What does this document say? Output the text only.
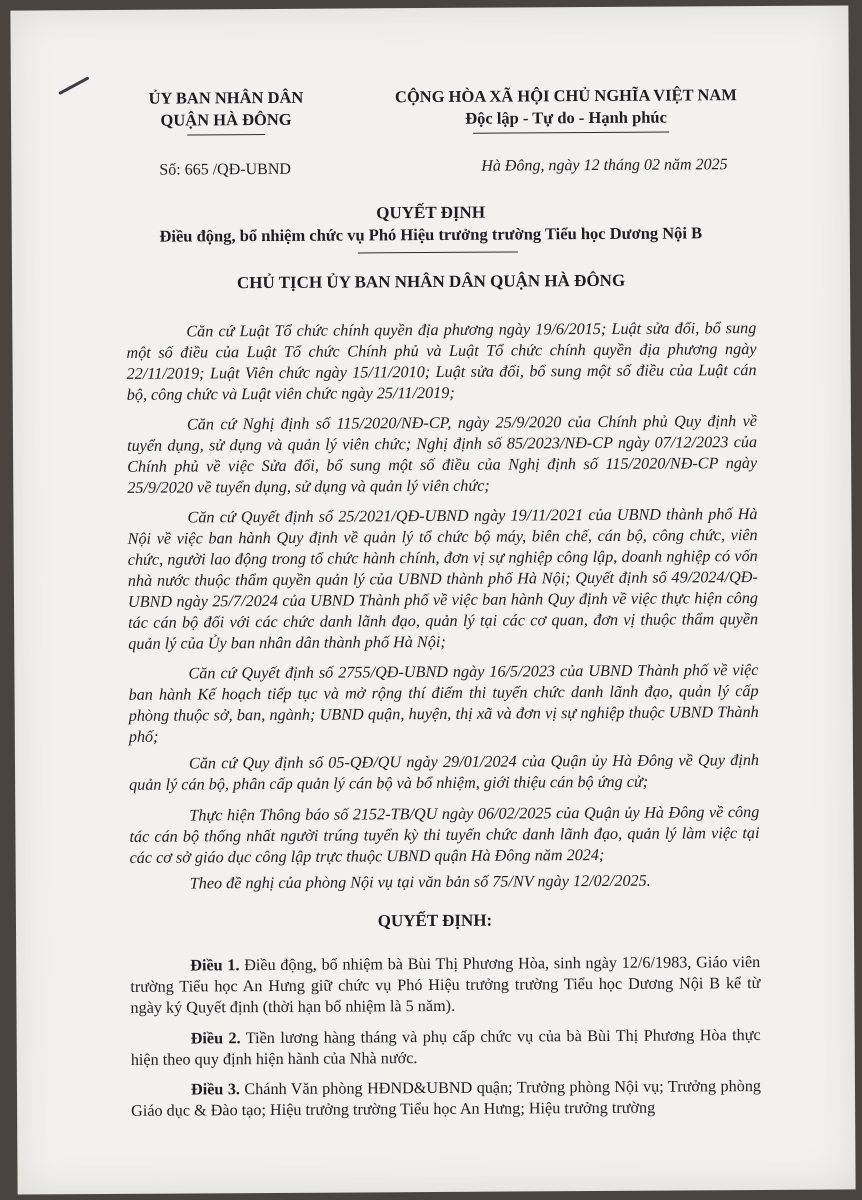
ỦY BAN NHÂN DÂN
QUẬN HÀ ĐÔNG
CỘNG HÒA XÃ HỘI CHỦ NGHĨA VIỆT NAM
Độc lập - Tự do - Hạnh phúc
Số: 665 /QĐ-UBND	Hà Đông, ngày 12 tháng 02 năm 2025
QUYẾT ĐỊNH
Điều động, bổ nhiệm chức vụ Phó Hiệu trưởng trường Tiểu học Dương Nội B
CHỦ TỊCH ỦY BAN NHÂN DÂN QUẬN HÀ ĐÔNG

Căn cứ Luật Tổ chức chính quyền địa phương ngày 19/6/2015; Luật sửa đổi, bổ sung một số điều của Luật Tổ chức Chính phủ và Luật Tổ chức chính quyền địa phương ngày 22/11/2019; Luật Viên chức ngày 15/11/2010; Luật sửa đổi, bổ sung một số điều của Luật cán bộ, công chức và Luật viên chức ngày 25/11/2019;

Căn cứ Nghị định số 115/2020/NĐ-CP, ngày 25/9/2020 của Chính phủ Quy định về tuyển dụng, sử dụng và quản lý viên chức; Nghị định số 85/2023/NĐ-CP ngày 07/12/2023 của Chính phủ về việc Sửa đổi, bổ sung một số điều của Nghị định số 115/2020/NĐ-CP ngày 25/9/2020 về tuyển dụng, sử dụng và quản lý viên chức;

Căn cứ Quyết định số 25/2021/QĐ-UBND ngày 19/11/2021 của UBND thành phố Hà Nội về việc ban hành Quy định về quản lý tổ chức bộ máy, biên chế, cán bộ, công chức, viên chức, người lao động trong tổ chức hành chính, đơn vị sự nghiệp công lập, doanh nghiệp có vốn nhà nước thuộc thẩm quyền quản lý của UBND thành phố Hà Nội; Quyết định số 49/2024/QĐ-UBND ngày 25/7/2024 của UBND Thành phố về việc ban hành Quy định về việc thực hiện công tác cán bộ đối với các chức danh lãnh đạo, quản lý tại các cơ quan, đơn vị thuộc thẩm quyền quản lý của Ủy ban nhân dân thành phố Hà Nội;

Căn cứ Quyết định số 2755/QĐ-UBND ngày 16/5/2023 của UBND Thành phố về việc ban hành Kế hoạch tiếp tục và mở rộng thí điểm thi tuyển chức danh lãnh đạo, quản lý cấp phòng thuộc sở, ban, ngành; UBND quận, huyện, thị xã và đơn vị sự nghiệp thuộc UBND Thành phố;

Căn cứ Quy định số 05-QĐ/QU ngày 29/01/2024 của Quận ủy Hà Đông về Quy định quản lý cán bộ, phân cấp quản lý cán bộ và bổ nhiệm, giới thiệu cán bộ ứng cử;

Thực hiện Thông báo số 2152-TB/QU ngày 06/02/2025 của Quận ủy Hà Đông về công tác cán bộ thống nhất người trúng tuyển kỳ thi tuyển chức danh lãnh đạo, quản lý làm việc tại các cơ sở giáo dục công lập trực thuộc UBND quận Hà Đông năm 2024;

Theo đề nghị của phòng Nội vụ tại văn bản số 75/NV ngày 12/02/2025.

QUYẾT ĐỊNH:

Điều 1. Điều động, bổ nhiệm bà Bùi Thị Phương Hòa, sinh ngày 12/6/1983, Giáo viên trường Tiểu học An Hưng giữ chức vụ Phó Hiệu trưởng trường Tiểu học Dương Nội B kể từ ngày ký Quyết định (thời hạn bổ nhiệm là 5 năm).

Điều 2. Tiền lương hàng tháng và phụ cấp chức vụ của bà Bùi Thị Phương Hòa thực hiện theo quy định hiện hành của Nhà nước.

Điều 3. Chánh Văn phòng HĐND&UBND quận; Trưởng phòng Nội vụ; Trưởng phòng Giáo dục & Đào tạo; Hiệu trưởng trường Tiểu học An Hưng; Hiệu trưởng trường
